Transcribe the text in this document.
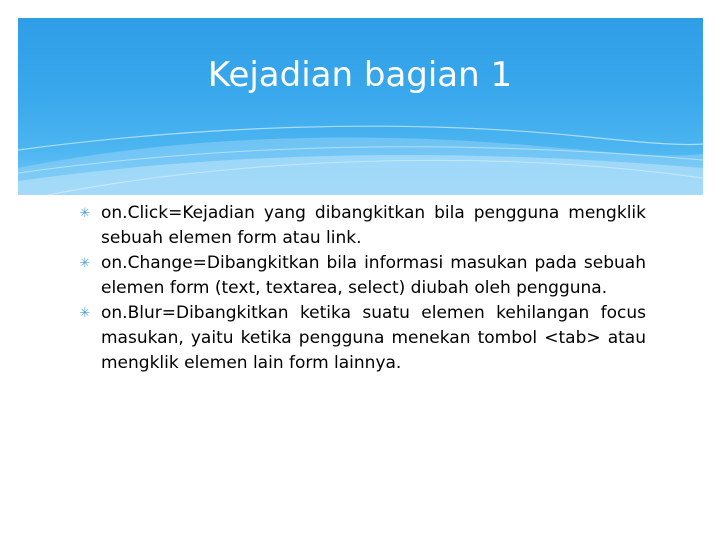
Kejadian bagian 1
✳ on.Click=Kejadian yang dibangkitkan bila pengguna mengklik sebuah elemen form atau link.
✳ on.Change=Dibangkitkan bila informasi masukan pada sebuah elemen form (text, textarea, select) diubah oleh pengguna.
✳ on.Blur=Dibangkitkan ketika suatu elemen kehilangan focus masukan, yaitu ketika pengguna menekan tombol <tab> atau mengklik elemen lain form lainnya.
